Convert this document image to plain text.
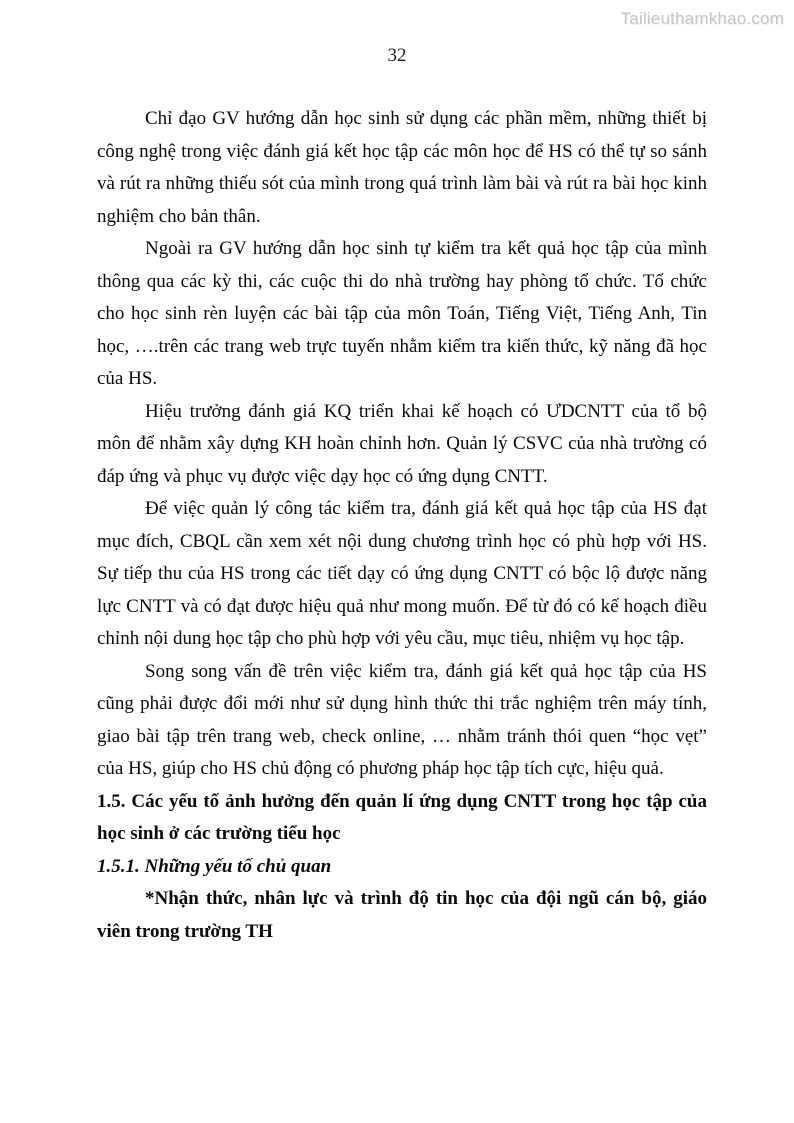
Tailieuthamkhao.com
32

Chỉ đạo GV hướng dẫn học sinh sử dụng các phần mềm, những thiết bị công nghệ trong việc đánh giá kết học tập các môn học để HS có thể tự so sánh và rút ra những thiếu sót của mình trong quá trình làm bài và rút ra bài học kinh nghiệm cho bản thân.

Ngoài ra GV hướng dẫn học sinh tự kiểm tra kết quả học tập của mình thông qua các kỳ thi, các cuộc thi do nhà trường hay phòng tổ chức. Tổ chức cho học sinh rèn luyện các bài tập của môn Toán, Tiếng Việt, Tiếng Anh, Tin học, ….trên các trang web trực tuyến nhằm kiểm tra kiến thức, kỹ năng đã học của HS.

Hiệu trưởng đánh giá KQ triển khai kế hoạch có ƯDCNTT của tổ bộ môn để nhằm xây dựng KH hoàn chỉnh hơn. Quản lý CSVC của nhà trường có đáp ứng và phục vụ được việc dạy học có ứng dụng CNTT.

Để việc quản lý công tác kiểm tra, đánh giá kết quả học tập của HS đạt mục đích, CBQL cần xem xét nội dung chương trình học có phù hợp với HS. Sự tiếp thu của HS trong các tiết dạy có ứng dụng CNTT có bộc lộ được năng lực CNTT và có đạt được hiệu quả như mong muốn. Để từ đó có kế hoạch điều chỉnh nội dung học tập cho phù hợp với yêu cầu, mục tiêu, nhiệm vụ học tập.

Song song vấn đề trên việc kiểm tra, đánh giá kết quả học tập của HS cũng phải được đổi mới như sử dụng hình thức thi trắc nghiệm trên máy tính, giao bài tập trên trang web, check online, … nhằm tránh thói quen “học vẹt” của HS, giúp cho HS chủ động có phương pháp học tập tích cực, hiệu quả.

1.5. Các yếu tố ảnh hưởng đến quản lí ứng dụng CNTT trong học tập của học sinh ở các trường tiểu học

1.5.1. Những yếu tố chủ quan

*Nhận thức, nhân lực và trình độ tin học của đội ngũ cán bộ, giáo viên trong trường TH
